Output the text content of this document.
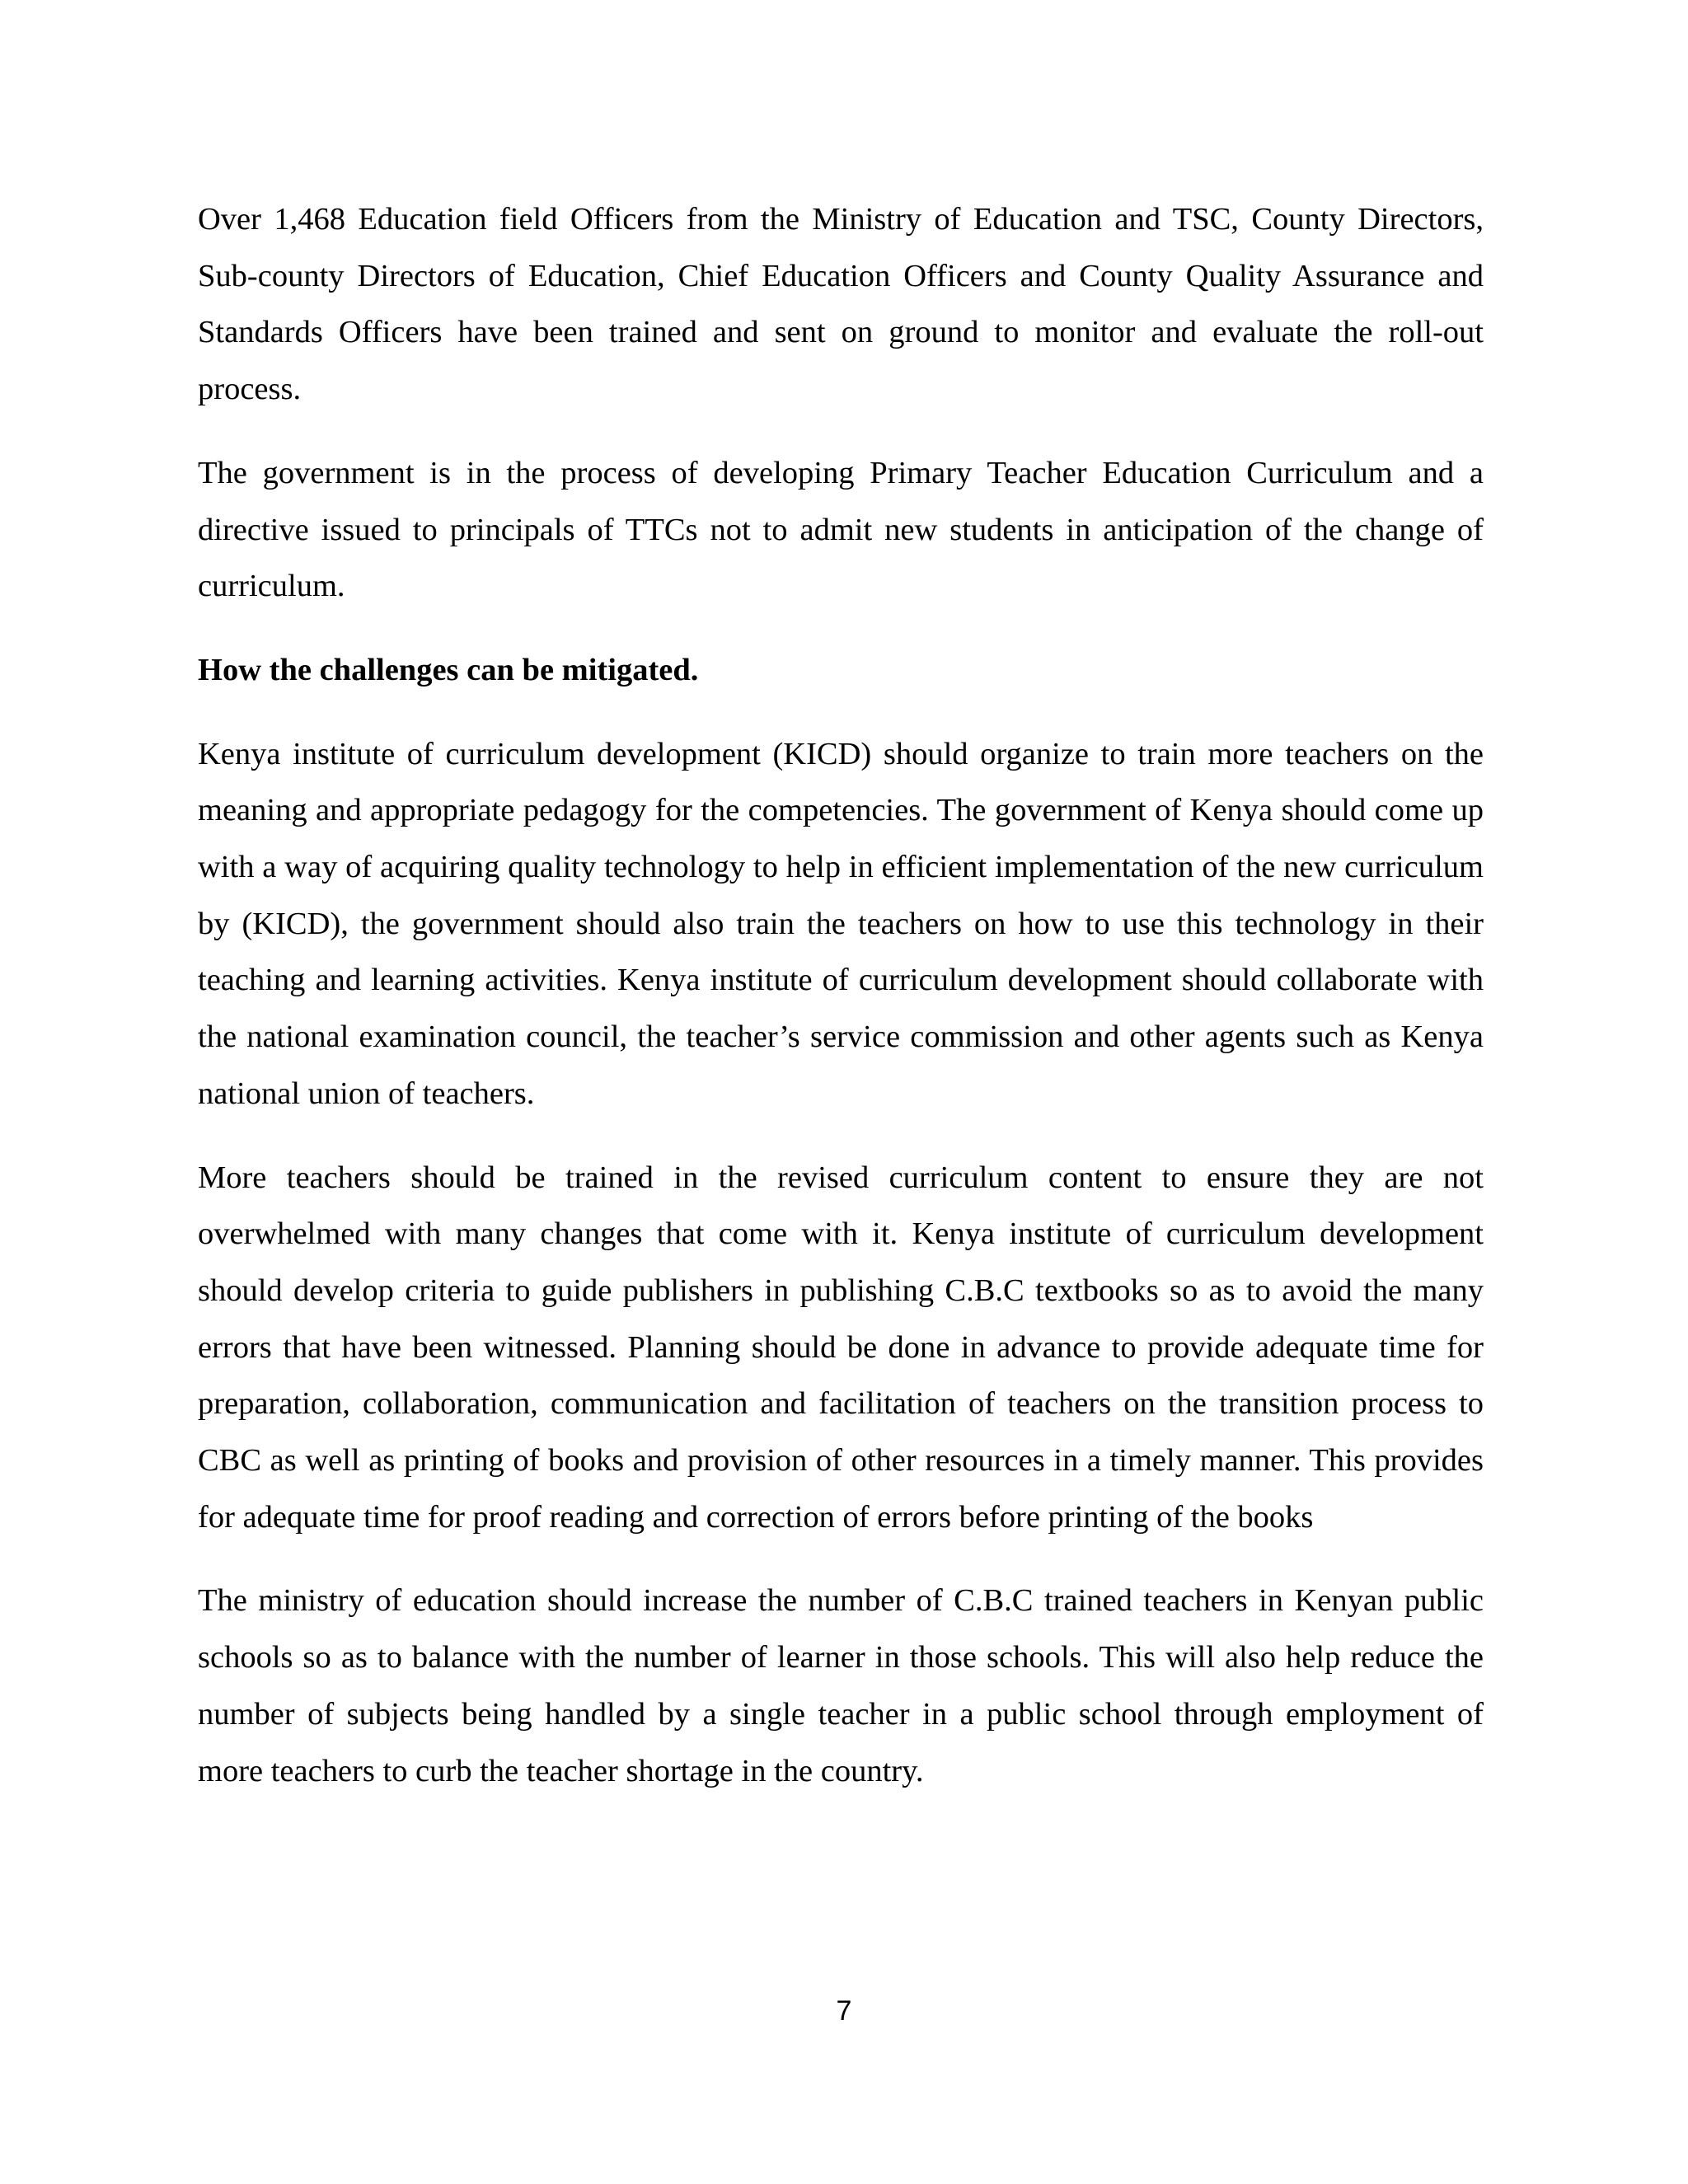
Over 1,468 Education field Officers from the Ministry of Education and TSC, County Directors, Sub-county Directors of Education, Chief Education Officers and County Quality Assurance and Standards Officers have been trained and sent on ground to monitor and evaluate the roll-out process.

The government is in the process of developing Primary Teacher Education Curriculum and a directive issued to principals of TTCs not to admit new students in anticipation of the change of curriculum.

How the challenges can be mitigated.

Kenya institute of curriculum development (KICD) should organize to train more teachers on the meaning and appropriate pedagogy for the competencies. The government of Kenya should come up with a way of acquiring quality technology to help in efficient implementation of the new curriculum by (KICD), the government should also train the teachers on how to use this technology in their teaching and learning activities. Kenya institute of curriculum development should collaborate with the national examination council, the teacher’s service commission and other agents such as Kenya national union of teachers.

More teachers should be trained in the revised curriculum content to ensure they are not overwhelmed with many changes that come with it. Kenya institute of curriculum development should develop criteria to guide publishers in publishing C.B.C textbooks so as to avoid the many errors that have been witnessed. Planning should be done in advance to provide adequate time for preparation, collaboration, communication and facilitation of teachers on the transition process to CBC as well as printing of books and provision of other resources in a timely manner. This provides for adequate time for proof reading and correction of errors before printing of the books

The ministry of education should increase the number of C.B.C trained teachers in Kenyan public schools so as to balance with the number of learner in those schools. This will also help reduce the number of subjects being handled by a single teacher in a public school through employment of more teachers to curb the teacher shortage in the country.

7
